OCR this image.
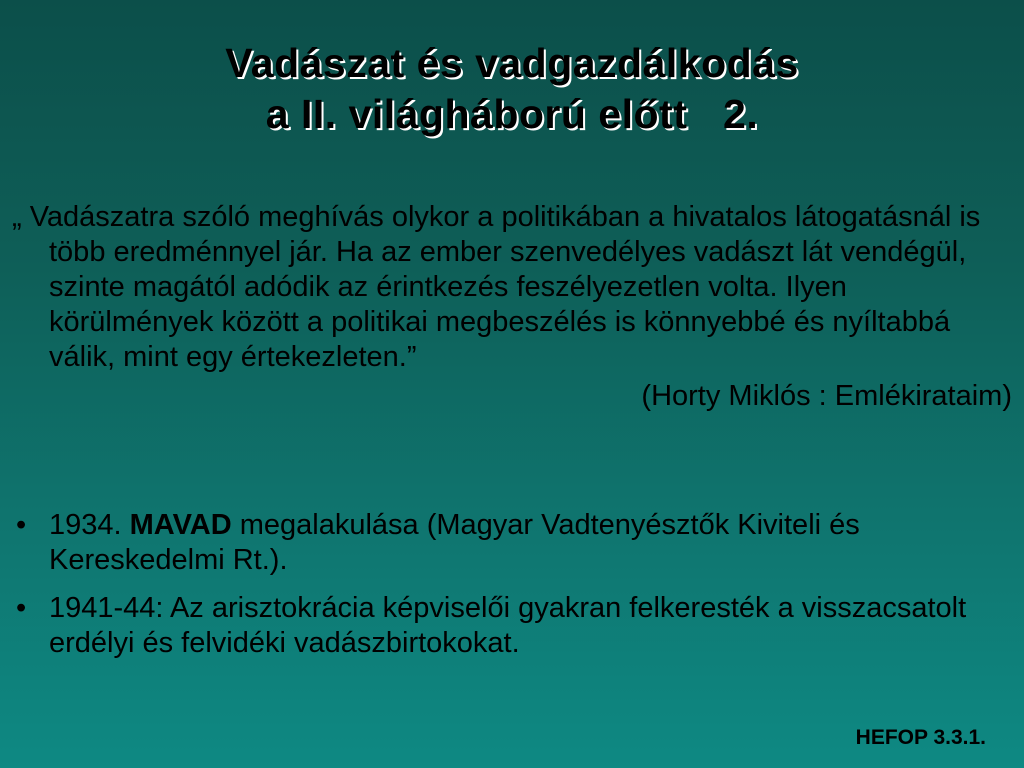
Vadászat és vadgazdálkodás
a II. világháború előtt   2.
„ Vadászatra szóló meghívás olykor a politikában a hivatalos látogatásnál is több eredménnyel jár. Ha az ember szenvedélyes vadászt lát vendégül, szinte magától adódik az érintkezés feszélyezetlen volta. Ilyen körülmények között a politikai megbeszélés is könnyebbé és nyíltabbá válik, mint egy értekezleten.”
(Horty Miklós : Emlékirataim)
• 1934. MAVAD megalakulása (Magyar Vadtenyésztők Kiviteli és Kereskedelmi Rt.).
• 1941-44: Az arisztokrácia képviselői gyakran felkeresték a visszacsatolt erdélyi és felvidéki vadászbirtokokat.
HEFOP 3.3.1.
